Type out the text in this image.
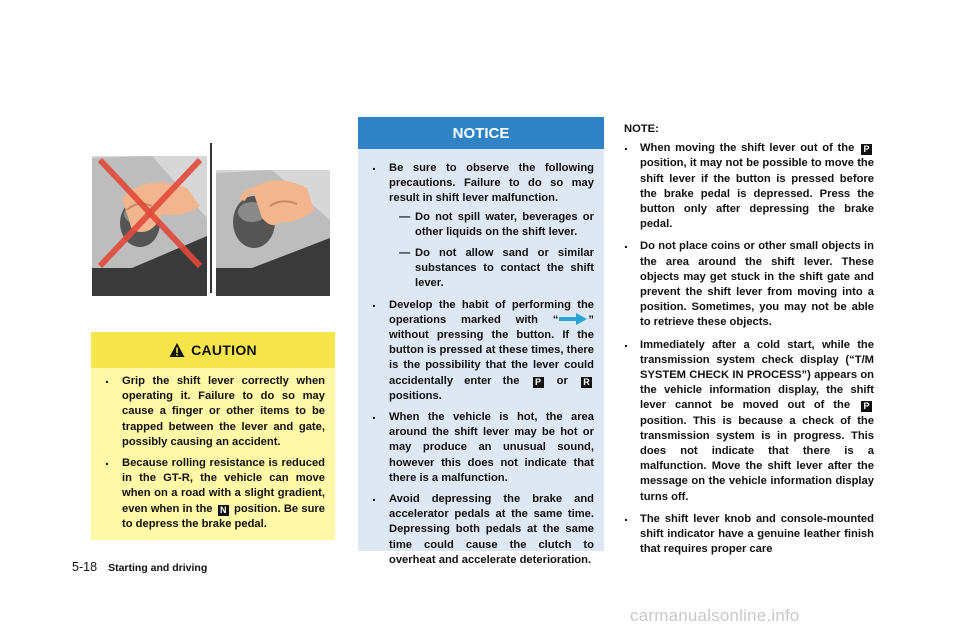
CAUTION
. Grip the shift lever correctly when operating it. Failure to do so may cause a finger or other items to be trapped between the lever and gate, possibly causing an accident.
. Because rolling resistance is reduced in the GT-R, the vehicle can move when on a road with a slight gradient, even when in the N position. Be sure to depress the brake pedal.
NOTICE
. Be sure to observe the following precautions. Failure to do so may result in shift lever malfunction.
— Do not spill water, beverages or other liquids on the shift lever.
— Do not allow sand or similar substances to contact the shift lever.
. Develop the habit of performing the operations marked with “	” without pressing the button. If the button is pressed at these times, there is the possibility that the lever could accidentally enter the P or R positions.
. When the vehicle is hot, the area around the shift lever may be hot or may produce an unusual sound, however this does not indicate that there is a malfunction.
. Avoid depressing the brake and accelerator pedals at the same time. Depressing both pedals at the same time could cause the clutch to overheat and accelerate deterioration.
NOTE:
. When moving the shift lever out of the P position, it may not be possible to move the shift lever if the button is pressed before the brake pedal is depressed. Press the button only after depressing the brake pedal.
. Do not place coins or other small objects in the area around the shift lever. These objects may get stuck in the shift gate and prevent the shift lever from moving into a position. Sometimes, you may not be able to retrieve these objects.
. Immediately after a cold start, while the transmission system check display (“T/M SYSTEM CHECK IN PROCESS”) appears on the vehicle information display, the shift lever cannot be moved out of the P position. This is because a check of the transmission system is in progress. This does not indicate that there is a malfunction. Move the shift lever after the message on the vehicle information display turns off.
. The shift lever knob and console-mounted shift indicator have a genuine leather finish that requires proper care
5-18 Starting and driving
carmanualsonline.info
